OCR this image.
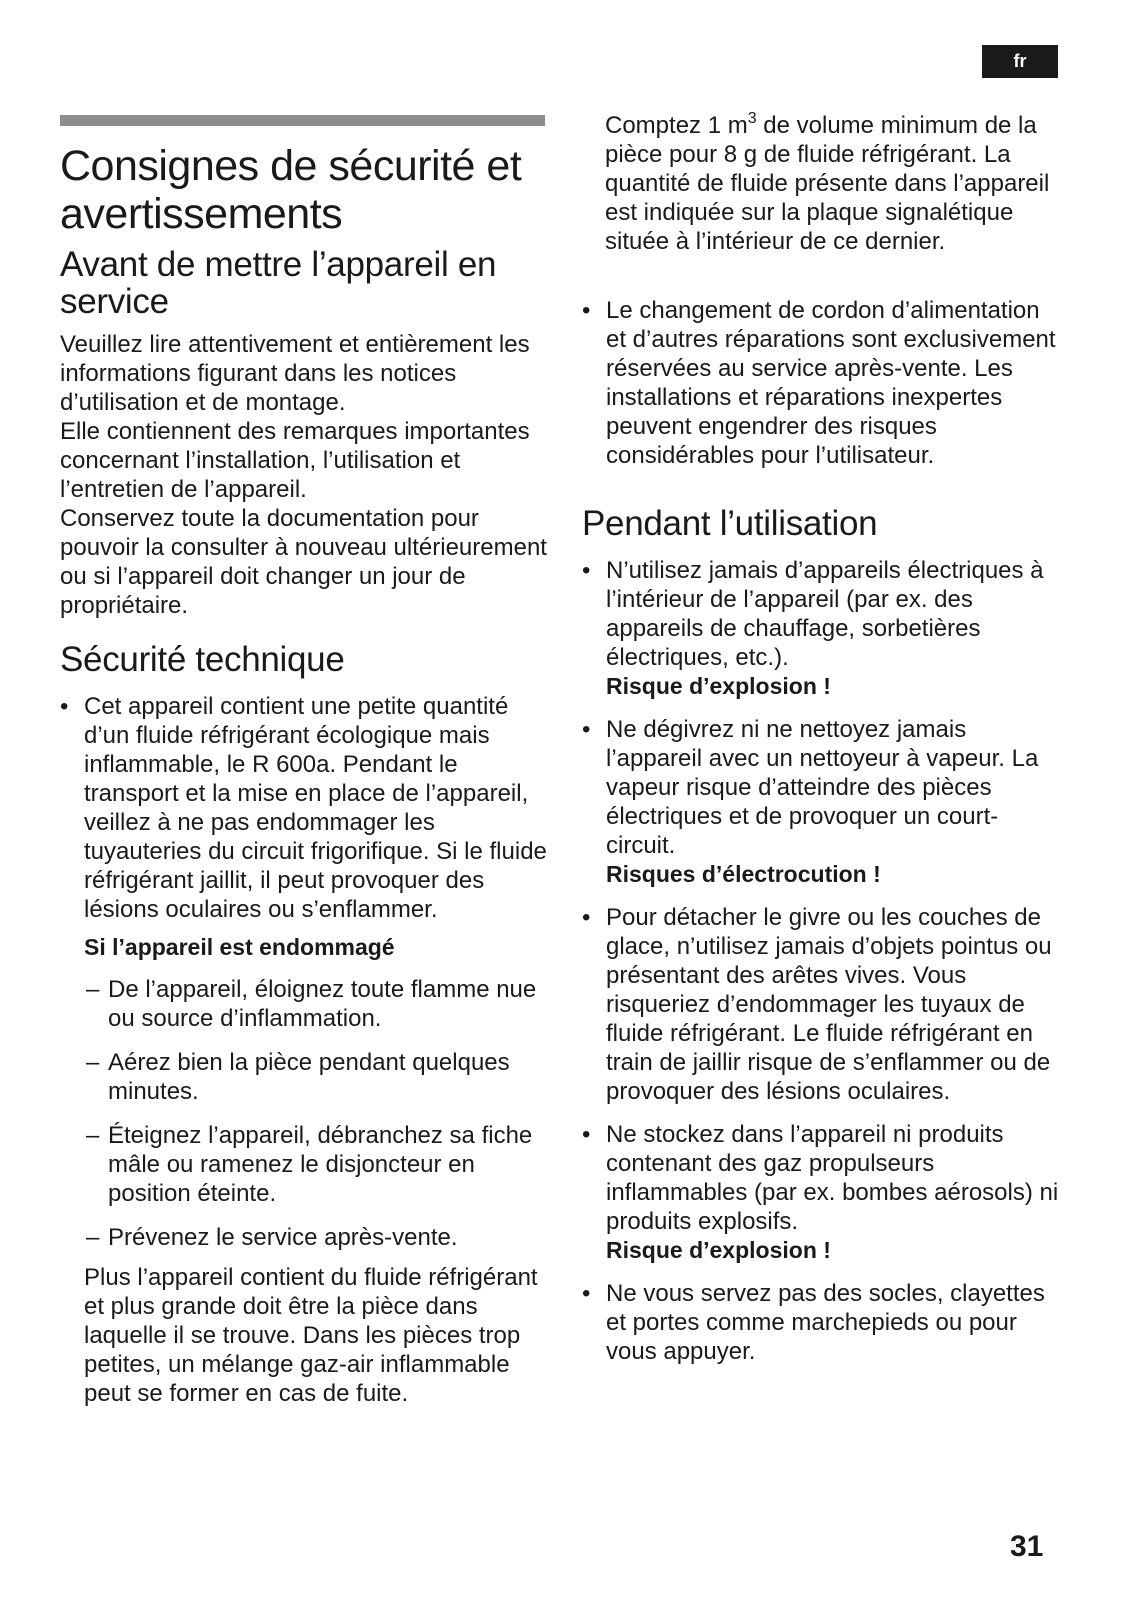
fr
Consignes de sécurité et avertissements
Avant de mettre l’appareil en service

Veuillez lire attentivement et entièrement les informations figurant dans les notices d’utilisation et de montage.

Elle contiennent des remarques importantes concernant l’installation, l’utilisation et l’entretien de l’appareil.

Conservez toute la documentation pour pouvoir la consulter à nouveau ultérieurement ou si l’appareil doit changer un jour de propriétaire.

Sécurité technique
• Cet appareil contient une petite quantité d’un fluide réfrigérant écologique mais inflammable, le R 600a. Pendant le transport et la mise en place de l’appareil, veillez à ne pas endommager les tuyauteries du circuit frigorifique. Si le fluide réfrigérant jaillit, il peut provoquer des lésions oculaires ou s’enflammer.
Si l’appareil est endommagé
– De l’appareil, éloignez toute flamme nue ou source d’inflammation.
– Aérez bien la pièce pendant quelques minutes.
– Éteignez l’appareil, débranchez sa fiche mâle ou ramenez le disjoncteur en position éteinte.
– Prévenez le service après-vente.

Plus l’appareil contient du fluide réfrigérant et plus grande doit être la pièce dans laquelle il se trouve. Dans les pièces trop petites, un mélange gaz-air inflammable peut se former en cas de fuite.

Comptez 1 $m^3$ de volume minimum de la pièce pour 8 g de fluide réfrigérant. La quantité de fluide présente dans l’appareil est indiquée sur la plaque signalétique située à l’intérieur de ce dernier.

• Le changement de cordon d’alimentation et d’autres réparations sont exclusivement réservées au service après-vente. Les installations et réparations inexpertes peuvent engendrer des risques considérables pour l’utilisateur.
Pendant l’utilisation
• N’utilisez jamais d’appareils électriques à l’intérieur de l’appareil (par ex. des appareils de chauffage, sorbetières électriques, etc.).
Risque d’explosion !
• Ne dégivrez ni ne nettoyez jamais l’appareil avec un nettoyeur à vapeur. La vapeur risque d’atteindre des pièces électriques et de provoquer un court-circuit.
Risques d’électrocution !
• Pour détacher le givre ou les couches de glace, n’utilisez jamais d’objets pointus ou présentant des arêtes vives. Vous risqueriez d’endommager les tuyaux de fluide réfrigérant. Le fluide réfrigérant en train de jaillir risque de s’enflammer ou de provoquer des lésions oculaires.
• Ne stockez dans l’appareil ni produits contenant des gaz propulseurs inflammables (par ex. bombes aérosols) ni produits explosifs.
Risque d’explosion !
• Ne vous servez pas des socles, clayettes et portes comme marchepieds ou pour vous appuyer.
31
